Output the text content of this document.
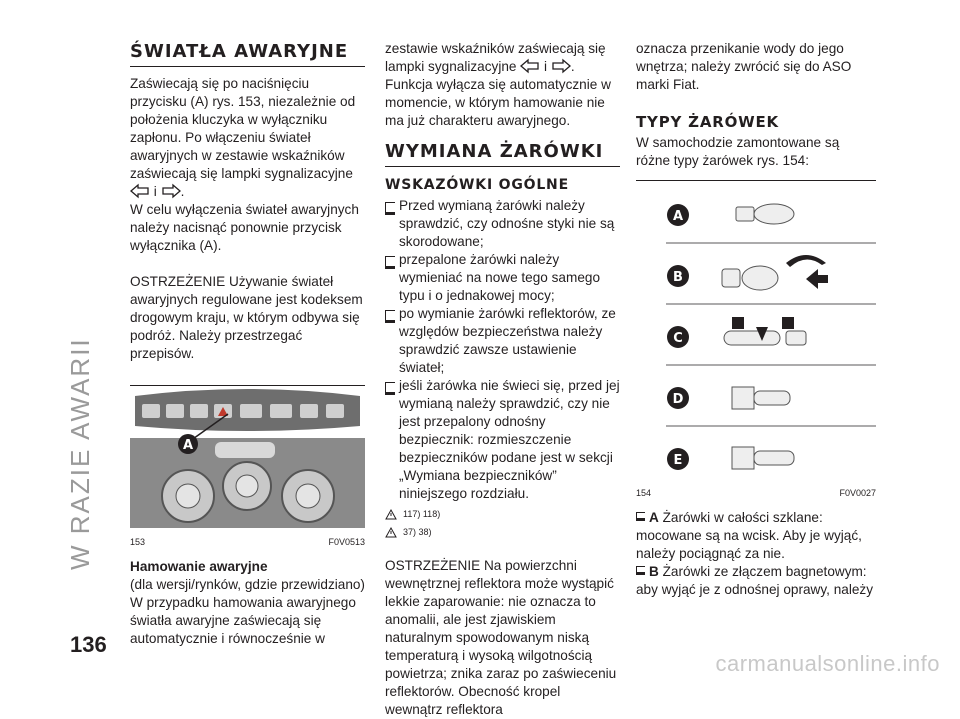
W RAZIE AWARII
ŚWIATŁA AWARYJNE

Zaświecają się po naciśnięciu przycisku (A) rys. 153, niezależnie od położenia kluczyka w wyłączniku zapłonu. Po włączeniu świateł awaryjnych w zestawie wskaźników zaświecają się lampki sygnalizacyjne  i .

W celu wyłączenia świateł awaryjnych należy nacisnąć ponownie przycisk wyłącznika (A).

OSTRZEŻENIE Używanie świateł awaryjnych regulowane jest kodeksem drogowym kraju, w którym odbywa się podróż. Należy przestrzegać przepisów.

A
153	F0V0513
Hamowanie awaryjne

(dla wersji/rynków, gdzie przewidziano)

W przypadku hamowania awaryjnego światła awaryjne zaświecają się automatycznie i równocześnie w

zestawie wskaźników zaświecają się lampki sygnalizacyjne i .

Funkcja wyłącza się automatycznie w momencie, w którym hamowanie nie ma już charakteru awaryjnego.

WYMIANA ŻARÓWKI
WSKAZÓWKI OGÓLNE

Przed wymianą żarówki należy sprawdzić, czy odnośne styki nie są skorodowane;

przepalone żarówki należy wymieniać na nowe tego samego typu i o jednakowej mocy;

po wymianie żarówki reflektorów, ze względów bezpieczeństwa należy sprawdzić zawsze ustawienie świateł;

jeśli żarówka nie świeci się, przed jej wymianą należy sprawdzić, czy nie jest przepalony odnośny bezpiecznik: rozmieszczenie bezpieczników podane jest w sekcji „Wymiana bezpieczników” niniejszego rozdziału.

117) 118)
37) 38)

OSTRZEŻENIE Na powierzchni wewnętrznej reflektora może wystąpić lekkie zaparowanie: nie oznacza to anomalii, ale jest zjawiskiem naturalnym spowodowanym niską temperaturą i wysoką wilgotnością powietrza; znika zaraz po zaświeceniu reflektorów. Obecność kropel wewnątrz reflektora

oznacza przenikanie wody do jego wnętrza; należy zwrócić się do ASO marki Fiat.

TYPY ŻARÓWEK

W samochodzie zamontowane są różne typy żarówek rys. 154:

A
B
C
D
E
154	F0V0027

A Żarówki w całości szklane: mocowane są na wcisk. Aby je wyjąć, należy pociągnąć za nie.

B Żarówki ze złączem bagnetowym: aby wyjąć je z odnośnej oprawy, należy

136
carmanualsonline.info
